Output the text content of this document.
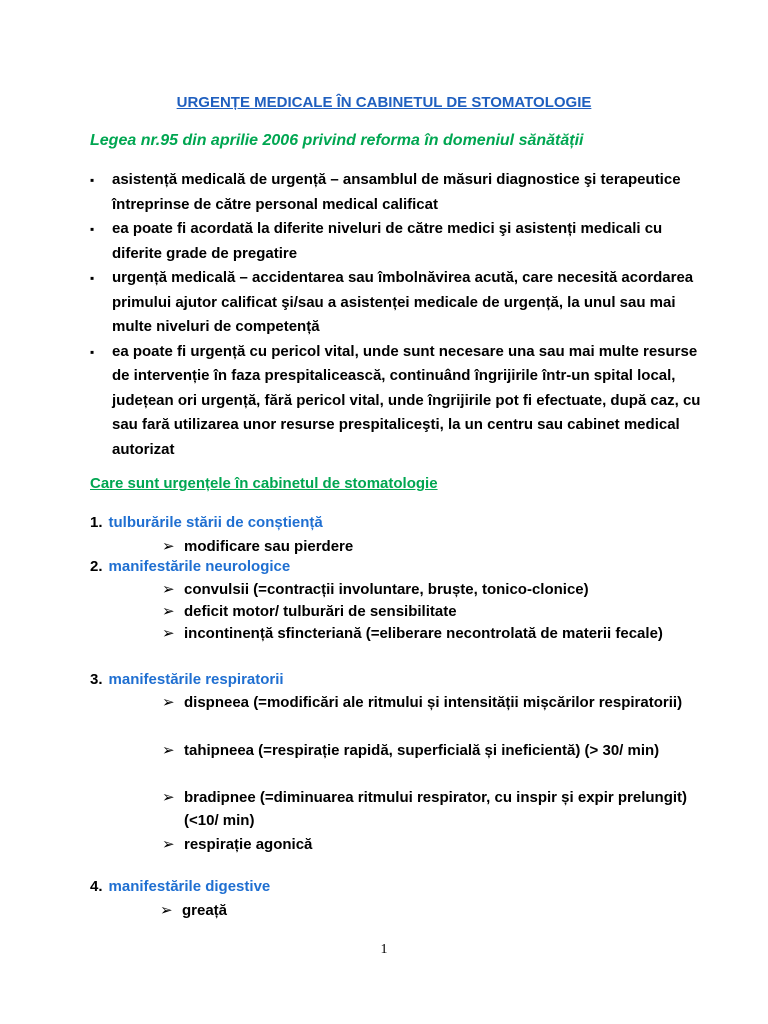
URGENȚE MEDICALE ÎN CABINETUL DE STOMATOLOGIE
Legea nr.95 din aprilie 2006 privind reforma în domeniul sănătății
▪ asistență medicală de urgență – ansamblul de măsuri diagnostice şi terapeutice întreprinse de către personal medical calificat
▪ ea poate fi acordată la diferite niveluri de către medici şi asistenți medicali cu diferite grade de pregatire
▪ urgență medicală – accidentarea sau îmbolnăvirea acută, care necesită acordarea primului ajutor calificat şi/sau a asistenței medicale de urgență, la unul sau mai multe niveluri de competență
▪ ea poate fi urgență cu pericol vital, unde sunt necesare una sau mai multe resurse de intervenție în faza prespitalicească, continuând îngrijirile într-un spital local, județean ori urgență, fără pericol vital, unde îngrijirile pot fi efectuate, după caz, cu sau fară utilizarea unor resurse prespitaliceşti, la un centru sau cabinet medical autorizat
Care sunt urgențele în cabinetul de stomatologie
1. tulburările stării de conștiență
➢ modificare sau pierdere
2. manifestările neurologice
➢ convulsii (=contracții involuntare, bruște, tonico-clonice)
➢ deficit motor/ tulburări de sensibilitate
➢ incontinență sfincteriană (=eliberare necontrolată de materii fecale)
3. manifestările respiratorii
➢ dispneea (=modificări ale ritmului și intensității mișcărilor respiratorii)
➢ tahipneea (=respirație rapidă, superficială și ineficientă) (> 30/ min)
➢ bradipnee (=diminuarea ritmului respirator, cu inspir și expir prelungit) (<10/ min)
➢ respirație agonică
4. manifestările digestive
➢ greață
1
